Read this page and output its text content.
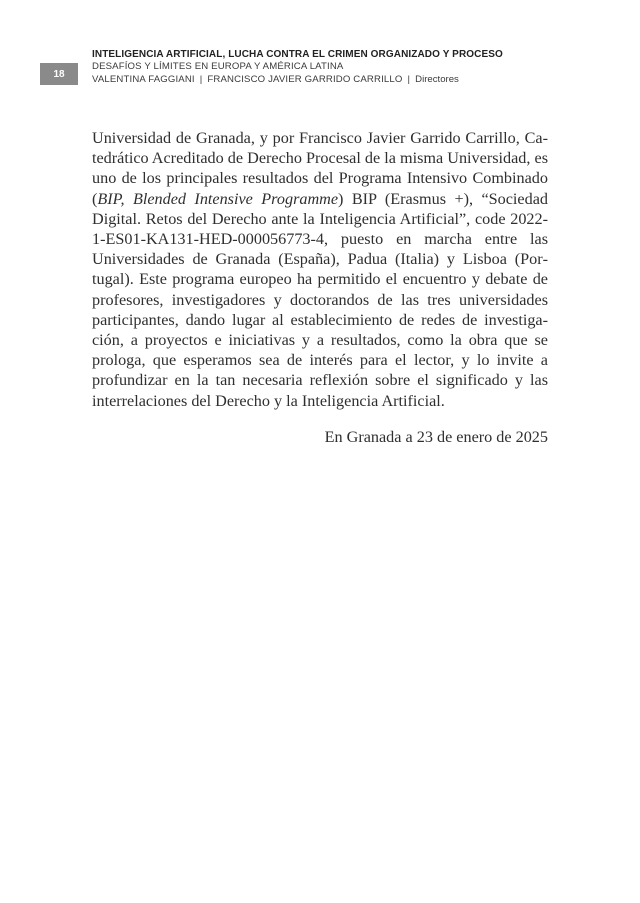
18
INTELIGENCIA ARTIFICIAL, LUCHA CONTRA EL CRIMEN ORGANIZADO Y PROCESO
DESAFÍOS Y LÍMITES EN EUROPA Y AMÉRICA LATINA
VALENTINA FAGGIANI | FRANCISCO JAVIER GARRIDO CARRILLO | Directores

Universidad de Granada, y por Francisco Javier Garrido Carrillo, Catedrático Acreditado de Derecho Procesal de la misma Universidad, es uno de los principales resultados del Programa Intensivo Combinado (BIP, Blended Intensive Programme) BIP (Erasmus +), “Sociedad Digital. Retos del Derecho ante la Inteligencia Artificial”, code 2022-1-ES01-KA131-HED-000056773-4, puesto en marcha entre las Universidades de Granada (España), Padua (Italia) y Lisboa (Portugal). Este programa europeo ha permitido el encuentro y debate de profesores, investigadores y doctorandos de las tres universidades participantes, dando lugar al establecimiento de redes de investigación, a proyectos e iniciativas y a resultados, como la obra que se prologa, que esperamos sea de interés para el lector, y lo invite a profundizar en la tan necesaria reflexión sobre el significado y las interrelaciones del Derecho y la Inteligencia Artificial.

En Granada a 23 de enero de 2025
